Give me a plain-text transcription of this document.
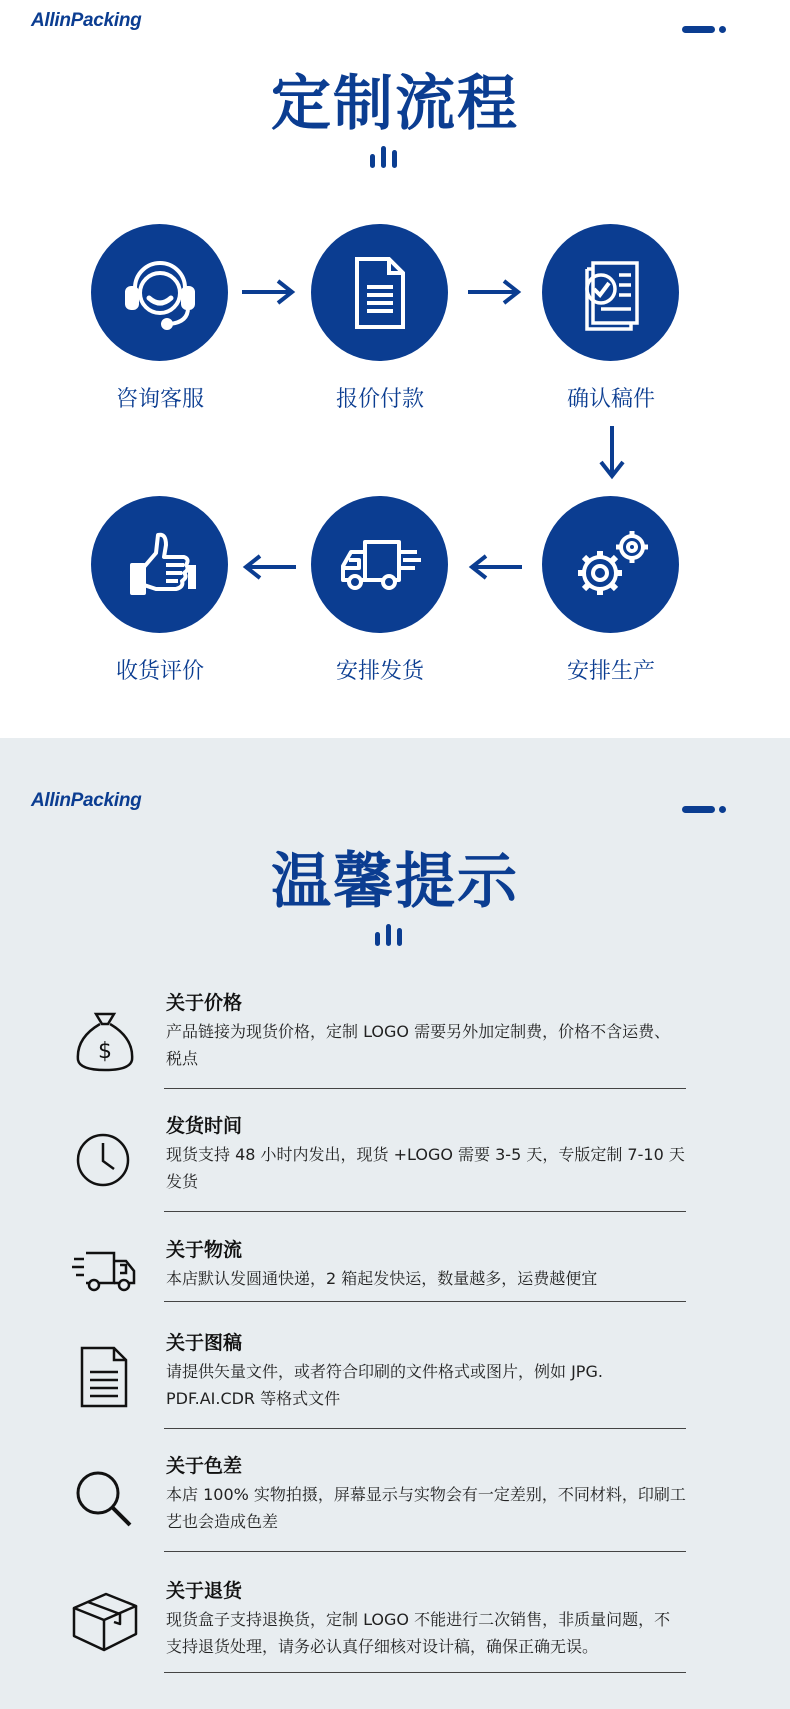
AllinPacking
定制流程
咨询客服	报价付款	确认稿件
收货评价	安排发货	安排生产
AllinPacking
温馨提示
$
关于价格
产品链接为现货价格，定制 LOGO 需要另外加定制费，价格不含运费、税点
发货时间
现货支持 48 小时内发出，现货 +LOGO 需要 3-5 天，专版定制 7-10 天发货
关于物流
本店默认发圆通快递，2 箱起发快运，数量越多，运费越便宜
关于图稿
请提供矢量文件，或者符合印刷的文件格式或图片，例如 JPG. PDF.AI.CDR 等格式文件
关于色差
本店 100% 实物拍摄，屏幕显示与实物会有一定差别，不同材料，印刷工艺也会造成色差
关于退货
现货盒子支持退换货，定制 LOGO 不能进行二次销售，非质量问题，不支持退货处理，请务必认真仔细核对设计稿，确保正确无误。
